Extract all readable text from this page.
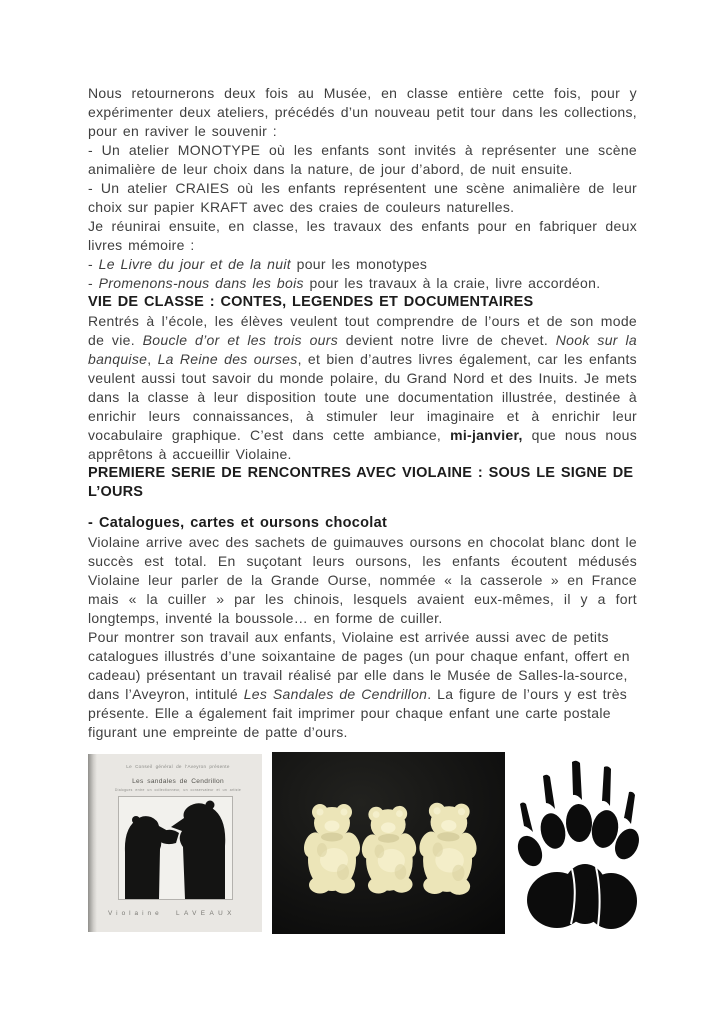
Nous retournerons deux fois au Musée, en classe entière cette fois, pour y expérimenter deux ateliers, précédés d’un nouveau petit tour dans les collections, pour en raviver le souvenir :

- Un atelier MONOTYPE où les enfants sont invités à représenter une scène animalière de leur choix dans la nature, de jour d’abord, de nuit ensuite.

- Un atelier CRAIES où les enfants représentent une scène animalière de leur choix sur papier KRAFT avec des craies de couleurs naturelles.

Je réunirai ensuite, en classe, les travaux des enfants pour en fabriquer deux livres mémoire :

- Le Livre du jour et de la nuit pour les monotypes

- Promenons-nous dans les bois pour les travaux à la craie, livre accordéon.

VIE DE CLASSE : CONTES, LEGENDES ET DOCUMENTAIRES

Rentrés à l’école, les élèves veulent tout comprendre de l’ours et de son mode de vie. Boucle d’or et les trois ours devient notre livre de chevet. Nook sur la banquise, La Reine des ourses, et bien d’autres livres également, car les enfants veulent aussi tout savoir du monde polaire, du Grand Nord et des Inuits. Je mets dans la classe à leur disposition toute une documentation illustrée, destinée à enrichir leurs connaissances, à stimuler leur imaginaire et à enrichir leur vocabulaire graphique. C’est dans cette ambiance, mi-janvier, que nous nous apprêtons à accueillir Violaine.

PREMIERE SERIE DE RENCONTRES AVEC VIOLAINE : SOUS LE SIGNE DE
L’OURS

- Catalogues, cartes et oursons chocolat

Violaine arrive avec des sachets de guimauves oursons en chocolat blanc dont le succès est total. En suçotant leurs oursons, les enfants écoutent médusés Violaine leur parler de la Grande Ourse, nommée « la casserole » en France mais « la cuiller » par les chinois, lesquels avaient eux-mêmes, il y a fort longtemps, inventé la boussole… en forme de cuiller.

Pour montrer son travail aux enfants, Violaine est arrivée aussi avec de petits catalogues illustrés d’une soixantaine de pages (un pour chaque enfant, offert en cadeau) présentant un travail réalisé par elle dans le Musée de Salles-la-source, dans l’Aveyron, intitulé Les Sandales de Cendrillon. La figure de l’ours y est très présente. Elle a également fait imprimer pour chaque enfant une carte postale figurant une empreinte de patte d’ours.

Le Conseil général de l’Aveyron présente
Les sandales de Cendrillon
Dialogues entre un collectionneur, un conservateur et un artiste
Violaine LAVEAUX
